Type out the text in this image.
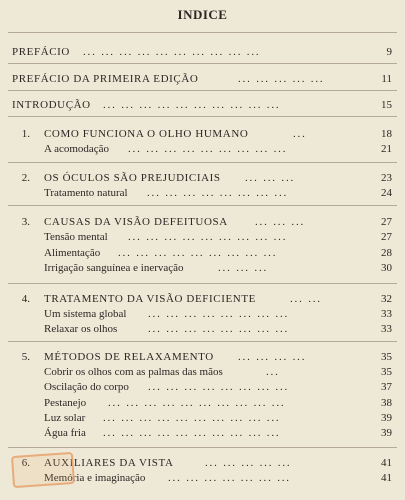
INDICE
PREFÁCIO ... ... ... ... ... ... ... ... ... ...	9
PREFÁCIO DA PRIMEIRA EDIÇÃO	... ... ... ... ...	11
INTRODUÇÃO ... ... ... ... ... ... ... ... ... ...	15
1. COMO FUNCIONA O OLHO HUMANO	...	18
A acomodação ... ... ... ... ... ... ... ... ...	21
2. OS ÓCULOS SÃO PREJUDICIAIS ... ... ...	23
Tratamento natural ... ... ... ... ... ... ... ...	24
3. CAUSAS DA VISÃO DEFEITUOSA ... ... ...	27
Tensão mental ... ... ... ... ... ... ... ... ...	27
Alimentação ... ... ... ... ... ... ... ... ...	28
Irrigação sanguínea e inervação	... ... ...	30
4. TRATAMENTO DA VISÃO DEFICIENTE	... ...	32
Um sistema global ... ... ... ... ... ... ... ...	33
Relaxar os olhos	... ... ... ... ... ... ... ...	33
5. MÉTODOS DE RELAXAMENTO ... ... ... ...	35
Cobrir os olhos com as palmas das mãos	...	35
Oscilação do corpo ... ... ... ... ... ... ... ...	37
Pestanejo ... ... ... ... ... ... ... ... ... ...	38
Luz solar ... ... ... ... ... ... ... ... ... ...	39
Água fria ... ... ... ... ... ... ... ... ... ...	39
6. AUXILIARES DA VISTA	... ... ... ... ...	41
Memória e imaginação ... ... ... ... ... ... ...	41
